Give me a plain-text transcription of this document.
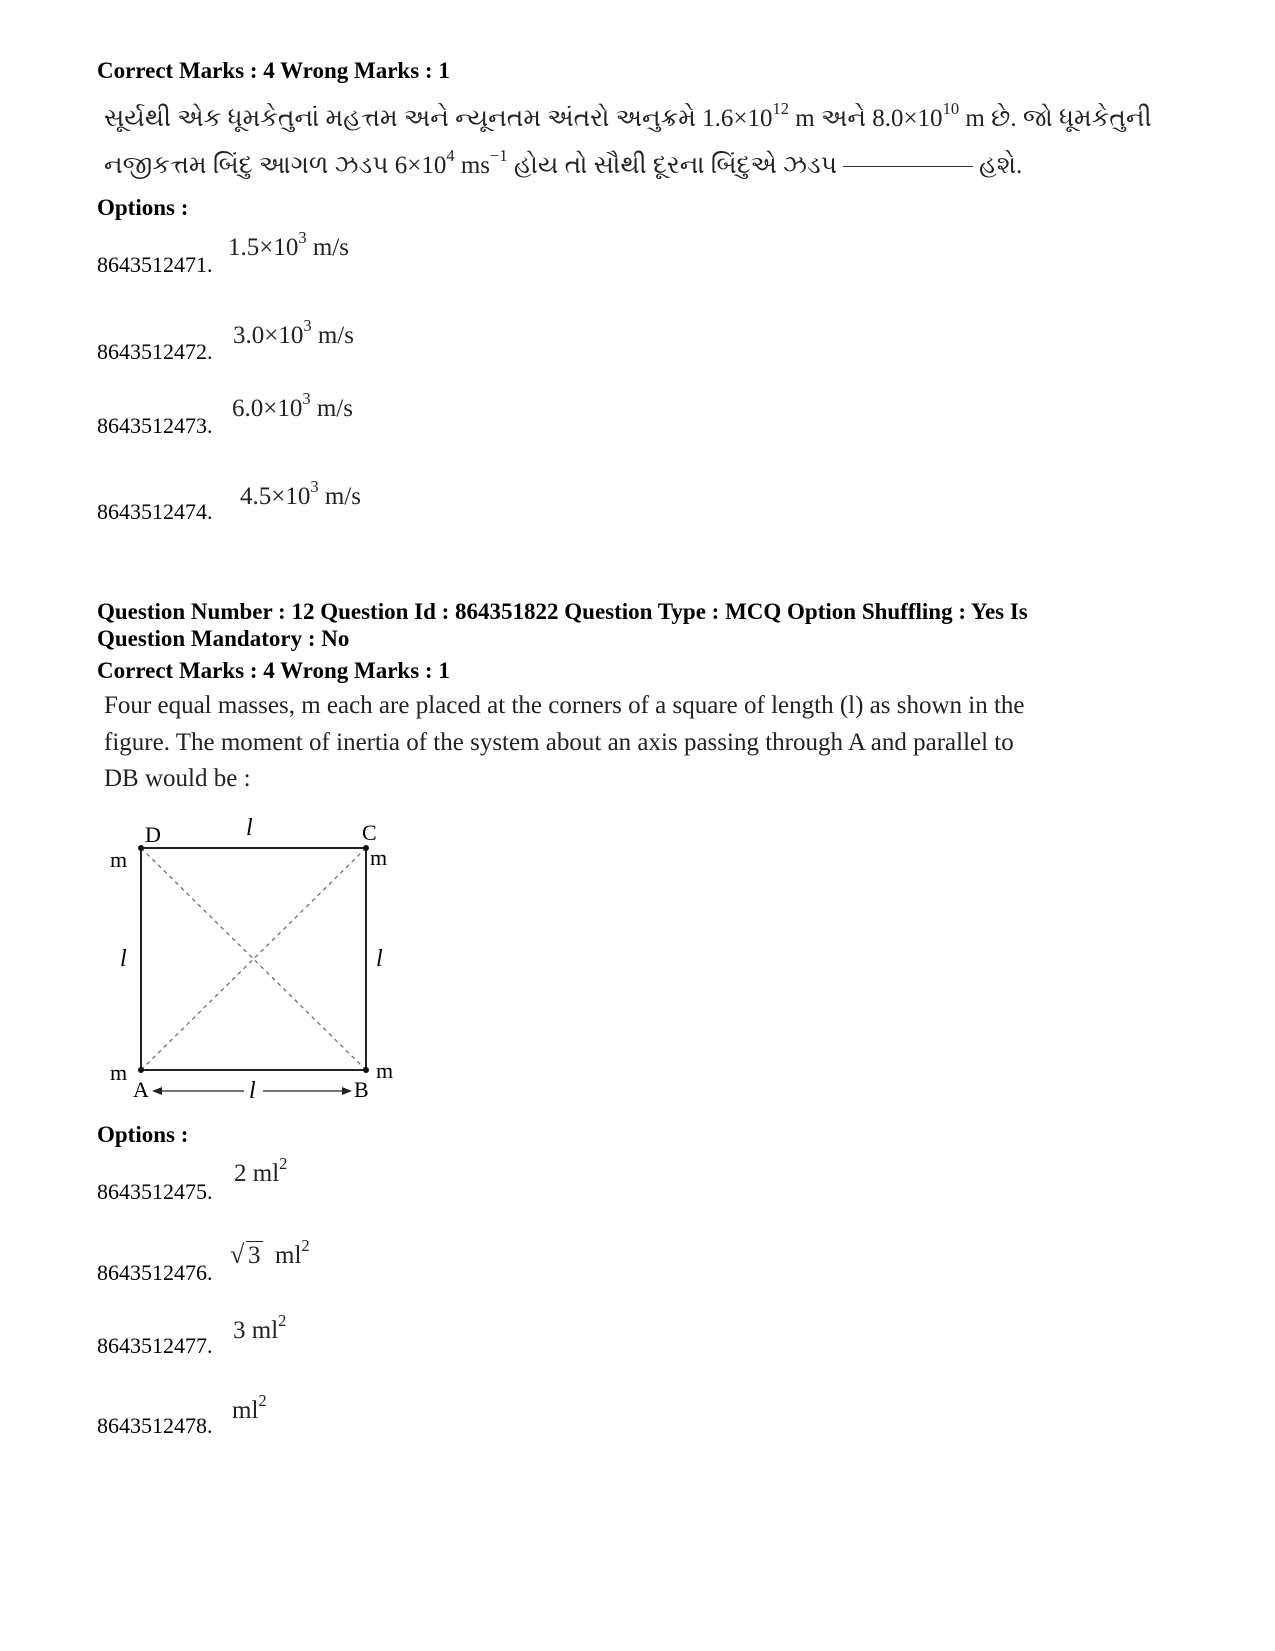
Correct Marks : 4 Wrong Marks : 1
સૂર્યથી એક ધૂમકેતુનાં મહત્તમ અને ન્યૂનતમ અંતરો અનુક્રમે $1.6\times 10^{12}$ m અને $8.0\times 10^{10}$ m છે. જો ધૂમકેતુની
નજીકત્તમ બિંદુ આગળ ઝડપ $6\times 10^4$ $ms^{-1}$ હોય તો સૌથી દૂરના બિંદુએ ઝડપ	હશે.
Options :
8643512471.
$1.5\times 10^3$ m/s
8643512472.
$3.0\times 10^3$ m/s
8643512473.
$6.0\times 10^3$ m/s
8643512474.
$4.5\times 10^3$ m/s
Question Number : 12 Question Id : 864351822 Question Type : MCQ Option Shuffling : Yes Is
Question Mandatory : No
Correct Marks : 4 Wrong Marks : 1
Four equal masses, m each are placed at the corners of a square of length (l) as shown in the
figure. The moment of inertia of the system about an axis passing through A and parallel to
DB would be :
D	C
A	B
m	m
m	m
l
l	l
l
Options :
8643512475.
2 $ml^2$
8643512476.
√ 3 $ml^2$
8643512477.
3 $ml^2$
8643512478.
$ml^2$
